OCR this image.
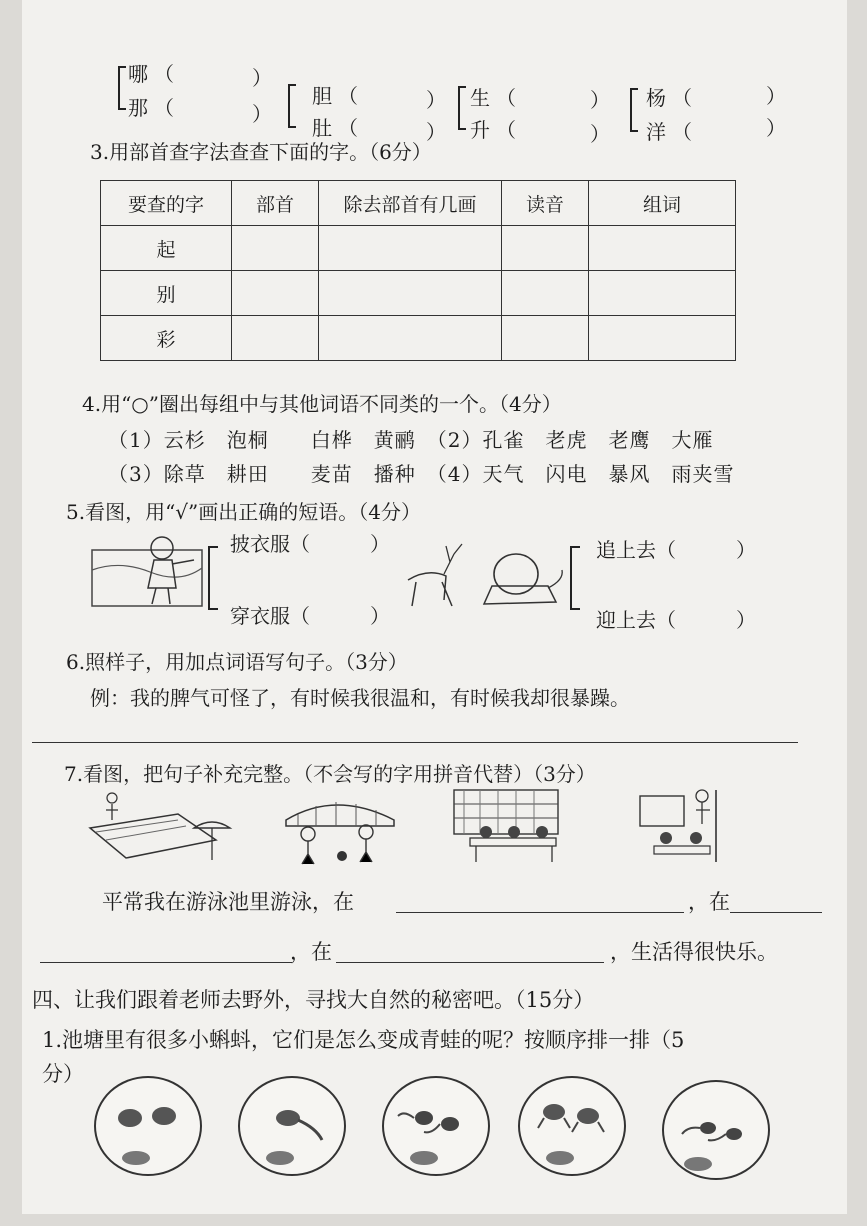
哪
那
（	）
（	）
胆
肚
（	）
（	）
生
升
（	）
（	）
杨
洋
（	）
（	）
3.用部首查字法查查下面的字。（6分）
要查的字	部首	除去部首有几画	读音	组词
起				
别				
彩				
4.用“○”圈出每组中与其他词语不同类的一个。（4分）
（1）云杉　泡桐　　白桦　黄鹂　（2）孔雀　老虎　老鹰　大雁
（3）除草　耕田　　麦苗　播种　（4）天气　闪电　暴风　雨夹雪
5.看图，用“√”画出正确的短语。（4分）
披衣服（　　　）
穿衣服（　　　）
追上去（　　　）
迎上去（　　　）
6.照样子，用加点词语写句子。（3分）
例：我的脾气可怪了，有时候我很温和，有时候我却很暴躁。
7.看图，把句子补充完整。（不会写的字用拼音代替）（3分）
平常我在游泳池里游泳，在	，在
，在	，生活得很快乐。
四、让我们跟着老师去野外，寻找大自然的秘密吧。（15分）
1.池塘里有很多小蝌蚪，它们是怎么变成青蛙的呢？按顺序排一排（5
分）
